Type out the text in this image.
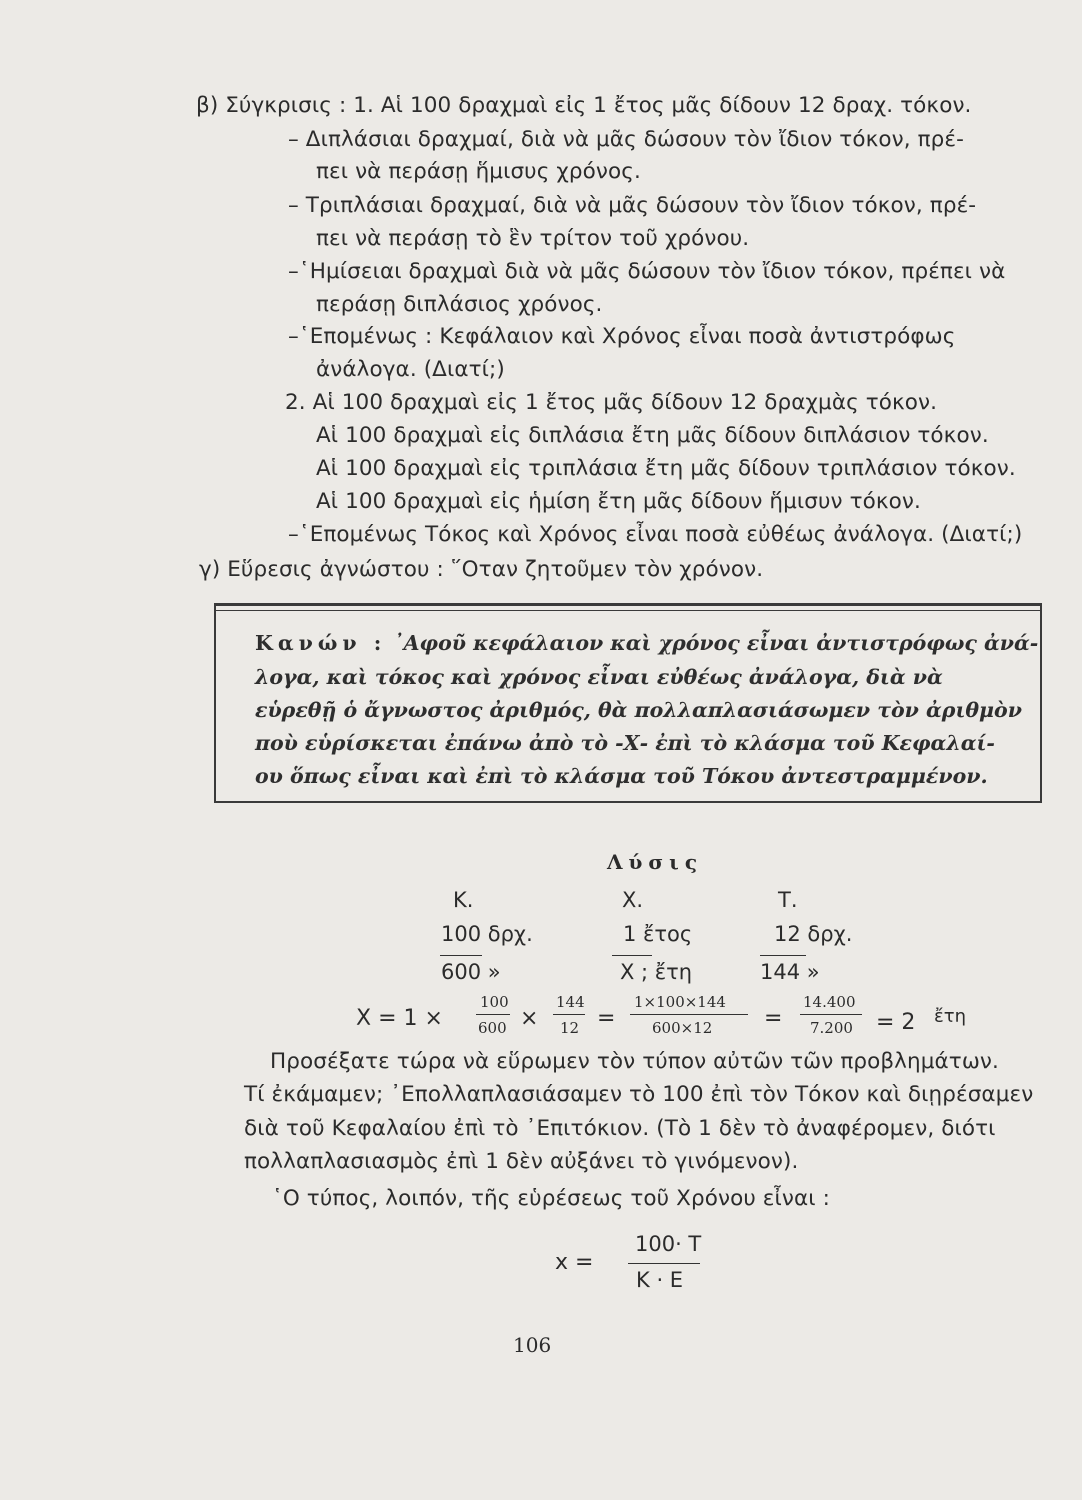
β) Σύγκρισις : 1. Αἱ 100 δραχμαὶ εἰς 1 ἔτος μᾶς δίδουν 12 δραχ. τόκον.
– Διπλάσιαι δραχμαί, διὰ νὰ μᾶς δώσουν τὸν ἴδιον τόκον, πρέ-
πει νὰ περάσῃ ἥμισυς χρόνος.
– Τριπλάσιαι δραχμαί, διὰ νὰ μᾶς δώσουν τὸν ἴδιον τόκον, πρέ-
πει νὰ περάσῃ τὸ ἓν τρίτον τοῦ χρόνου.
–῾Ημίσειαι δραχμαὶ διὰ νὰ μᾶς δώσουν τὸν ἴδιον τόκον, πρέπει νὰ
περάσῃ διπλάσιος χρόνος.
–῾Επομένως : Κεφάλαιον καὶ Χρόνος εἶναι ποσὰ ἀντιστρόφως
ἀνάλογα. (Διατί;)
2. Αἱ 100 δραχμαὶ εἰς 1 ἔτος μᾶς δίδουν 12 δραχμὰς τόκον.
Αἱ 100 δραχμαὶ εἰς διπλάσια ἔτη μᾶς δίδουν διπλάσιον τόκον.
Αἱ 100 δραχμαὶ εἰς τριπλάσια ἔτη μᾶς δίδουν τριπλάσιον τόκον.
Αἱ 100 δραχμαὶ εἰς ἡμίση ἔτη μᾶς δίδουν ἥμισυν τόκον.
–῾Επομένως Τόκος καὶ Χρόνος εἶναι ποσὰ εὐθέως ἀνάλογα. (Διατί;)
γ) Εὕρεσις ἀγνώστου : ῞Οταν ζητοῦμεν τὸν χρόνον.
Κανών : ᾿Αφοῦ κεφάλαιον καὶ χρόνος εἶναι ἀντιστρόφως ἀνά-
λογα, καὶ τόκος καὶ χρόνος εἶναι εὐθέως ἀνάλογα, διὰ νὰ
εὑρεθῇ ὁ ἄγνωστος ἀριθμός, θὰ πολλαπλασιάσωμεν τὸν ἀριθμὸν
ποὺ εὑρίσκεται ἐπάνω ἀπὸ τὸ -Χ- ἐπὶ τὸ κλάσμα τοῦ Κεφαλαί-
ου ὅπως εἶναι καὶ ἐπὶ τὸ κλάσμα τοῦ Τόκου ἀντεστραμμένον.
Λύσις
Κ.	Χ.	Τ.
100 δρχ.	1 ἔτος	12 δρχ.
600 »	Χ ; ἔτη	144 »
Χ = 1 ×
100
600 ×
144
12 =
1×100×144
600×12 =
14.400
7.200 = 2 ἔτη
Προσέξατε τώρα νὰ εὕρωμεν τὸν τύπον αὐτῶν τῶν προβλημάτων.
Τί ἐκάμαμεν; ᾿Επολλαπλασιάσαμεν τὸ 100 ἐπὶ τὸν Τόκον καὶ διῃρέσαμεν
διὰ τοῦ Κεφαλαίου ἐπὶ τὸ ᾿Επιτόκιον. (Τὸ 1 δὲν τὸ ἀναφέρομεν, διότι
πολλαπλασιασμὸς ἐπὶ 1 δὲν αὐξάνει τὸ γινόμενον).
῾Ο τύπος, λοιπόν, τῆς εὑρέσεως τοῦ Χρόνου εἶναι :
x =
100· Τ
Κ · Ε
106
